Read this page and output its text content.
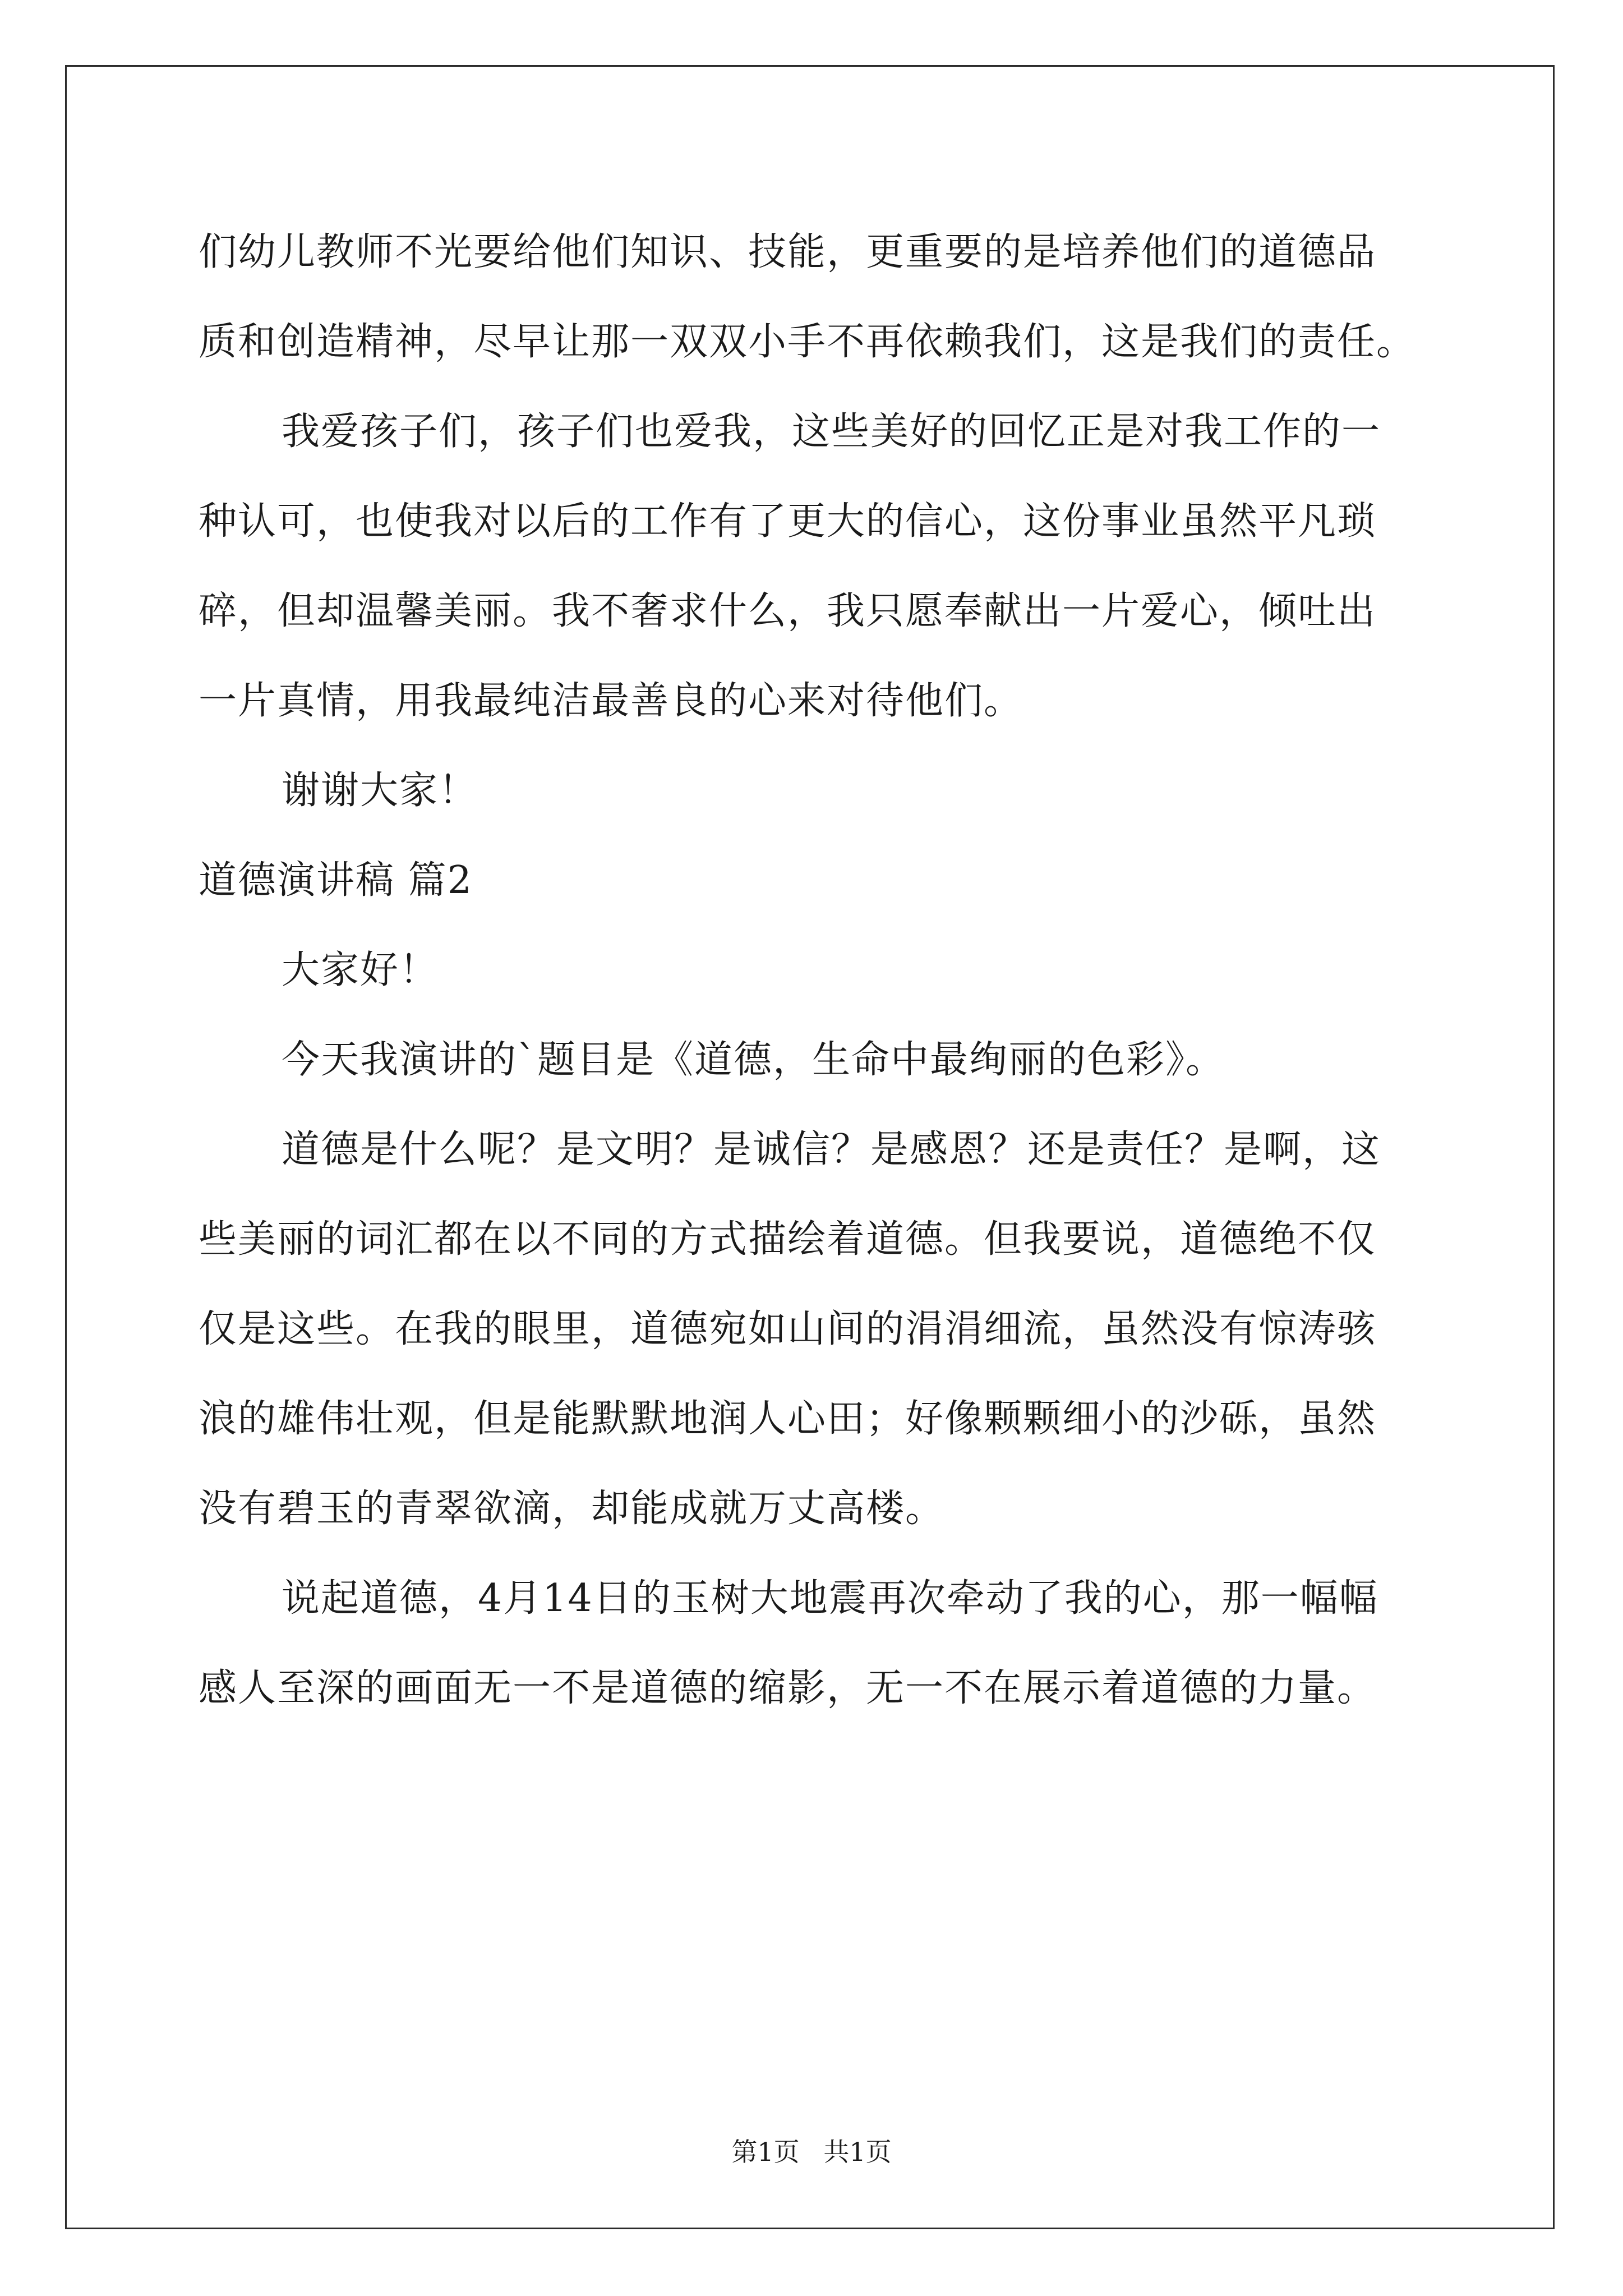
们幼儿教师不光要给他们知识、技能，更重要的是培养他们的道德品
质和创造精神，尽早让那一双双小手不再依赖我们，这是我们的责任。
我爱孩子们，孩子们也爱我，这些美好的回忆正是对我工作的一
种认可，也使我对以后的工作有了更大的信心，这份事业虽然平凡琐
碎，但却温馨美丽。我不奢求什么，我只愿奉献出一片爱心，倾吐出
一片真情，用我最纯洁最善良的心来对待他们。
谢谢大家！
道德演讲稿 篇2
大家好！
今天我演讲的`题目是《道德，生命中最绚丽的色彩》。
道德是什么呢？是文明？是诚信？是感恩？还是责任？是啊，这
些美丽的词汇都在以不同的方式描绘着道德。但我要说，道德绝不仅
仅是这些。在我的眼里，道德宛如山间的涓涓细流，虽然没有惊涛骇
浪的雄伟壮观，但是能默默地润人心田；好像颗颗细小的沙砾，虽然
没有碧玉的青翠欲滴，却能成就万丈高楼。
说起道德，4月14日的玉树大地震再次牵动了我的心，那一幅幅
感人至深的画面无一不是道德的缩影，无一不在展示着道德的力量。
第1页 共1页
